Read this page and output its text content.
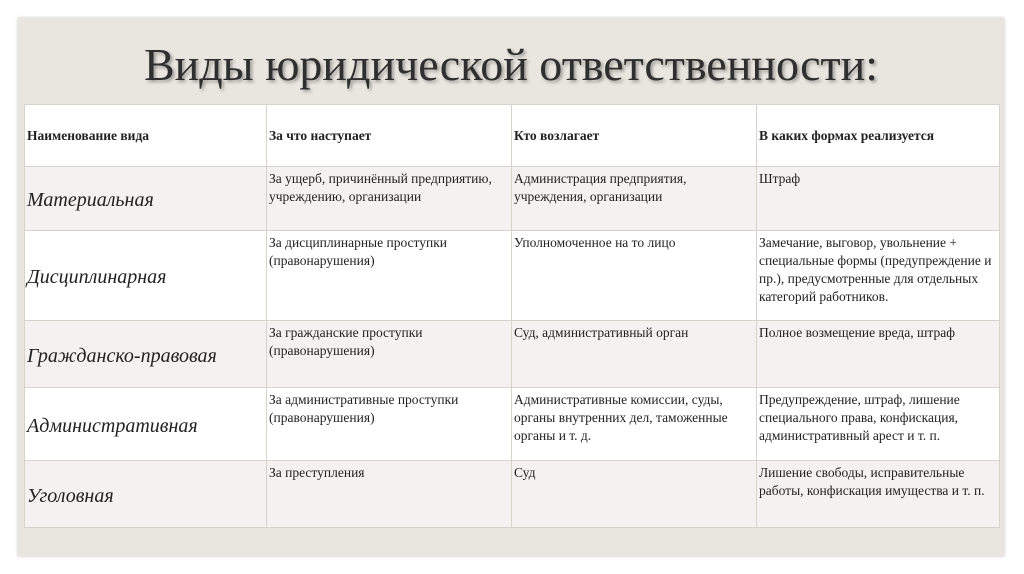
Виды юридической ответственности:
Наименование вида	За что наступает	Кто возлагает	В каких формах реализуется
Материальная	За ущерб, причинённый предприятию, учреждению, организации	Администрация предприятия, учреждения, организации	Штраф
Дисциплинарная	За дисциплинарные проступки (правонарушения)	Уполномоченное на то лицо	Замечание, выговор, увольнение + специальные формы (предупреждение и пр.), предусмотренные для отдельных категорий работников.
Гражданско-правовая	За гражданские проступки (правонарушения)	Суд, административный орган	Полное возмещение вреда, штраф
Административная	За административные проступки (правонарушения)	Административные комиссии, суды, органы внутренних дел, таможенные органы и т. д.	Предупреждение, штраф, лишение специального права, конфискация, административный арест и т. п.
Уголовная	За преступления	Суд	Лишение свободы, исправительные работы, конфискация имущества и т. п.
